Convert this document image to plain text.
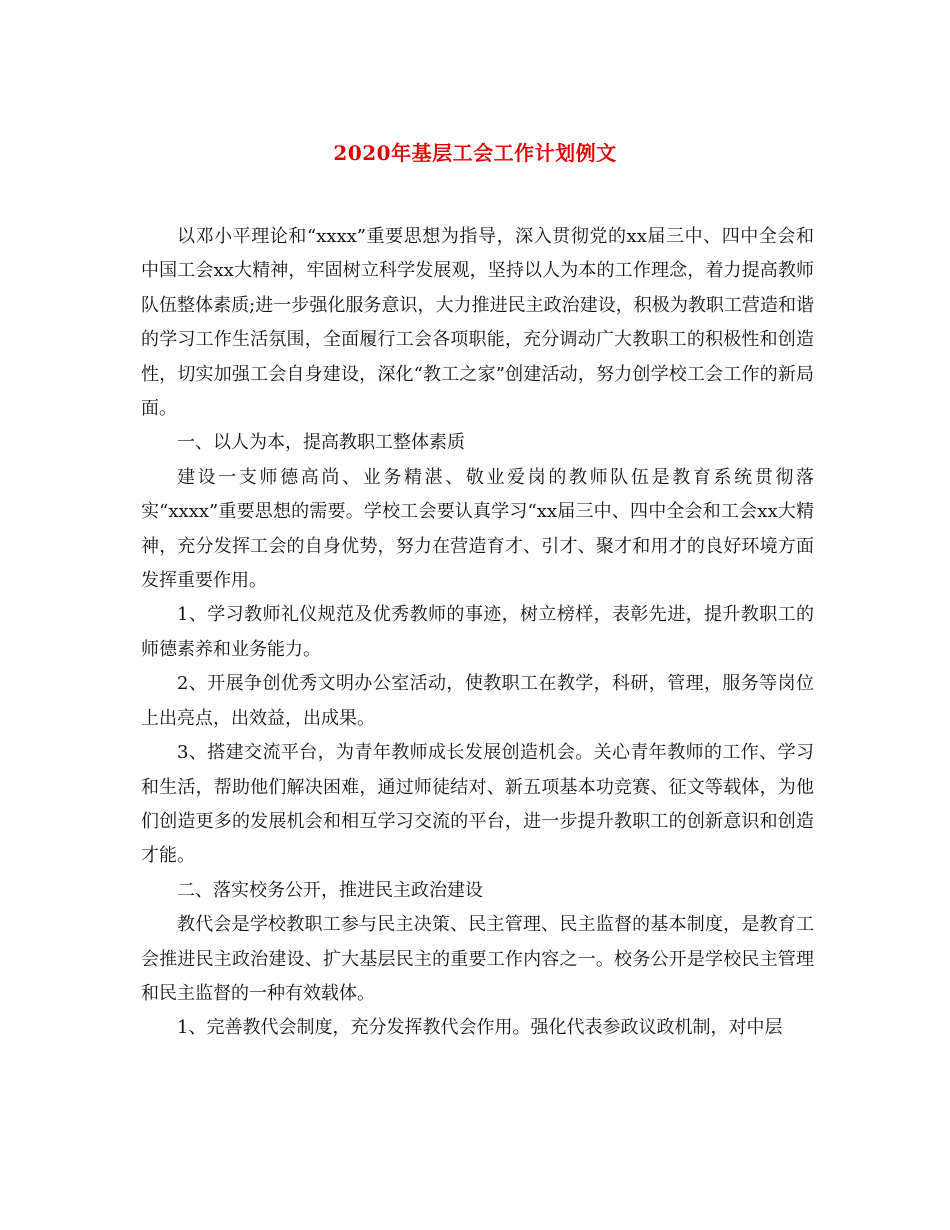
2020年基层工会工作计划例文

以邓小平理论和“xxxx”重要思想为指导，深入贯彻党的xx届三中、四中全会和中国工会xx大精神，牢固树立科学发展观，坚持以人为本的工作理念，着力提高教师队伍整体素质;进一步强化服务意识，大力推进民主政治建设，积极为教职工营造和谐的学习工作生活氛围，全面履行工会各项职能，充分调动广大教职工的积极性和创造性，切实加强工会自身建设，深化“教工之家”创建活动，努力创学校工会工作的新局面。

一、以人为本，提高教职工整体素质

建设一支师德高尚、业务精湛、敬业爱岗的教师队伍是教育系统贯彻落实“xxxx”重要思想的需要。学校工会要认真学习“xx届三中、四中全会和工会xx大精神，充分发挥工会的自身优势，努力在营造育才、引才、聚才和用才的良好环境方面发挥重要作用。

1、学习教师礼仪规范及优秀教师的事迹，树立榜样，表彰先进，提升教职工的师德素养和业务能力。

2、开展争创优秀文明办公室活动，使教职工在教学，科研，管理，服务等岗位上出亮点，出效益，出成果。

3、搭建交流平台，为青年教师成长发展创造机会。关心青年教师的工作、学习和生活，帮助他们解决困难，通过师徒结对、新五项基本功竞赛、征文等载体，为他们创造更多的发展机会和相互学习交流的平台，进一步提升教职工的创新意识和创造才能。

二、落实校务公开，推进民主政治建设

教代会是学校教职工参与民主决策、民主管理、民主监督的基本制度，是教育工会推进民主政治建设、扩大基层民主的重要工作内容之一。校务公开是学校民主管理和民主监督的一种有效载体。

1、完善教代会制度，充分发挥教代会作用。强化代表参政议政机制，对中层
